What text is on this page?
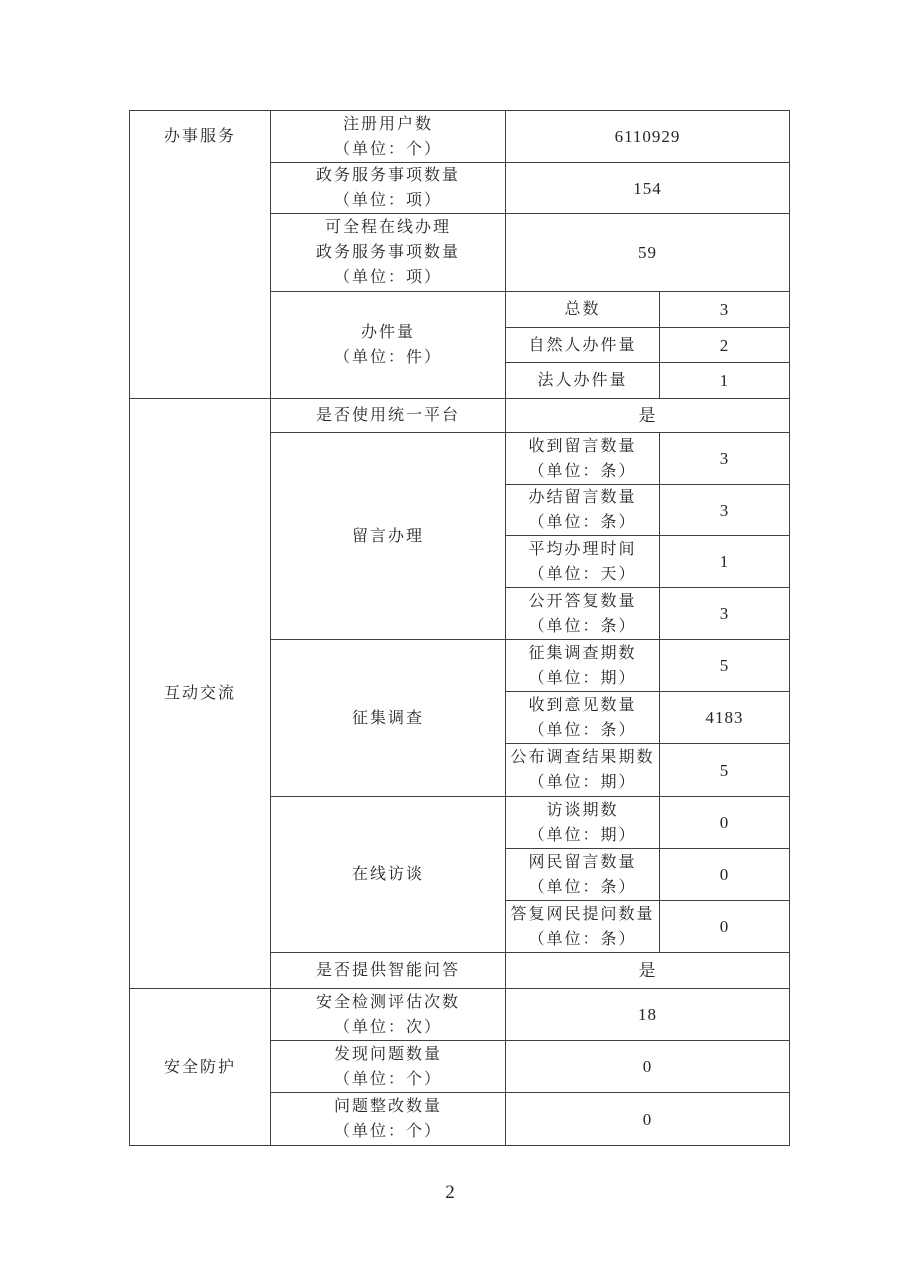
办事服务	注册用户数
（单位：个）	6110929	

	政务服务事项数量
（单位：项）	154	

	可全程在线办理
政务服务事项数量
（单位：项）	59	

	办件量
（单位：件）	总数	3
		自然人办件量	2
		法人办件量	1
互动交流	是否使用统一平台	是	

	留言办理	收到留言数量
（单位：条）	3

		办结留言数量
（单位：条）	3

		平均办理时间
（单位：天）	1

		公开答复数量
（单位：条）	3

	征集调查	征集调查期数
（单位：期）	5

		收到意见数量
（单位：条）	4183

		公布调查结果期数
（单位：期）	5

	在线访谈	访谈期数
（单位：期）	0

		网民留言数量
（单位：条）	0

		答复网民提问数量
（单位：条）	0
	是否提供智能问答	是	
安全防护	安全检测评估次数
（单位：次）	18	

	发现问题数量
（单位：个）	0	

	问题整改数量
（单位：个）	0	
2
